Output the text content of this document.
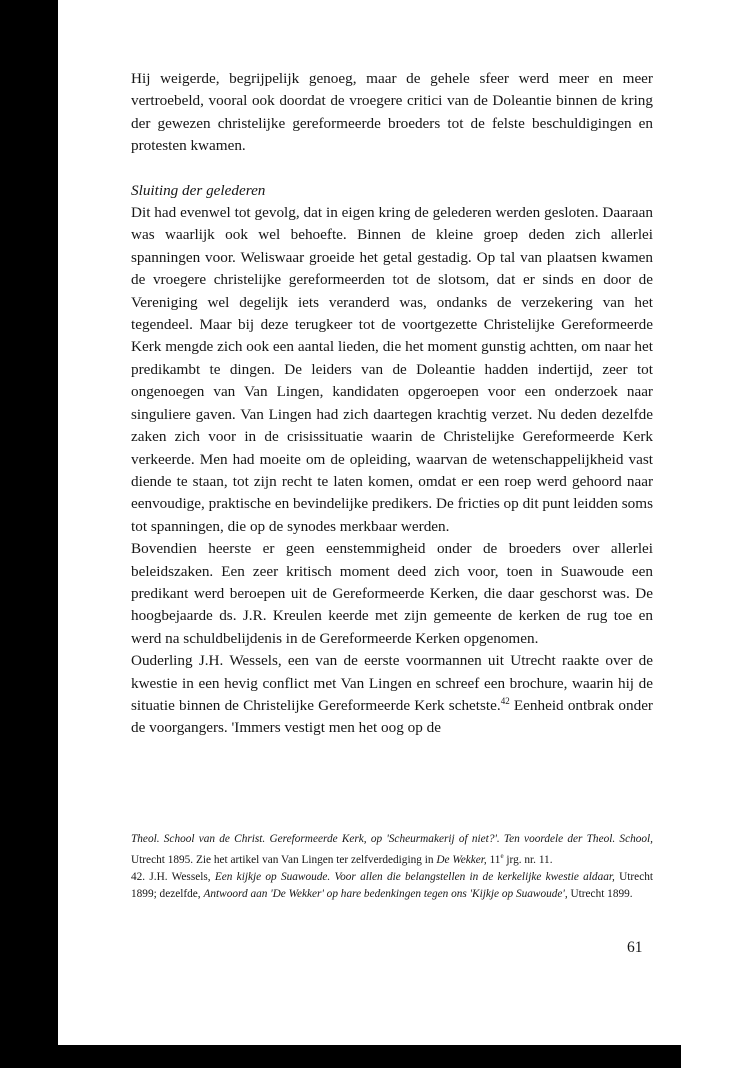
Hij weigerde, begrijpelijk genoeg, maar de gehele sfeer werd meer en meer vertroebeld, vooral ook doordat de vroegere critici van de Doleantie binnen de kring der gewezen christelijke gereformeerde broeders tot de felste beschuldigingen en protesten kwamen.

Sluiting der gelederen

Dit had evenwel tot gevolg, dat in eigen kring de gelederen werden gesloten. Daaraan was waarlijk ook wel behoefte. Binnen de kleine groep deden zich allerlei spanningen voor. Weliswaar groeide het getal gestadig. Op tal van plaatsen kwamen de vroegere christelijke gereformeerden tot de slotsom, dat er sinds en door de Vereniging wel degelijk iets veranderd was, ondanks de verzekering van het tegendeel. Maar bij deze terugkeer tot de voortgezette Christelijke Gereformeerde Kerk mengde zich ook een aantal lieden, die het moment gunstig achtten, om naar het predikambt te dingen. De leiders van de Doleantie hadden indertijd, zeer tot ongenoegen van Van Lingen, kandidaten opgeroepen voor een onderzoek naar singuliere gaven. Van Lingen had zich daartegen krachtig verzet. Nu deden dezelfde zaken zich voor in de crisissituatie waarin de Christelijke Gereformeerde Kerk verkeerde. Men had moeite om de opleiding, waarvan de wetenschappelijkheid vast diende te staan, tot zijn recht te laten komen, omdat er een roep werd gehoord naar eenvoudige, praktische en bevindelijke predikers. De fricties op dit punt leidden soms tot spanningen, die op de synodes merkbaar werden.

Bovendien heerste er geen eenstemmigheid onder de broeders over allerlei beleidszaken. Een zeer kritisch moment deed zich voor, toen in Suawoude een predikant werd beroepen uit de Gereformeerde Kerken, die daar geschorst was. De hoogbejaarde ds. J.R. Kreulen keerde met zijn gemeente de kerken de rug toe en werd na schuldbelijdenis in de Gereformeerde Kerken opgenomen.

Ouderling J.H. Wessels, een van de eerste voormannen uit Utrecht raakte over de kwestie in een hevig conflict met Van Lingen en schreef een brochure, waarin hij de situatie binnen de Christelijke Gereformeerde Kerk schetste.$^{42}$ Eenheid ontbrak onder de voorgangers. 'Immers vestigt men het oog op de

Theol. School van de Christ. Gereformeerde Kerk, op 'Scheurmakerij of niet?'. Ten voordele der Theol. School, Utrecht 1895. Zie het artikel van Van Lingen ter zelfverdediging in De Wekker, 11e jrg. nr. 11.

42. J.H. Wessels, Een kijkje op Suawoude. Voor allen die belangstellen in de kerkelijke kwestie aldaar, Utrecht 1899; dezelfde, Antwoord aan 'De Wekker' op hare bedenkingen tegen ons 'Kijkje op Suawoude', Utrecht 1899.

61
